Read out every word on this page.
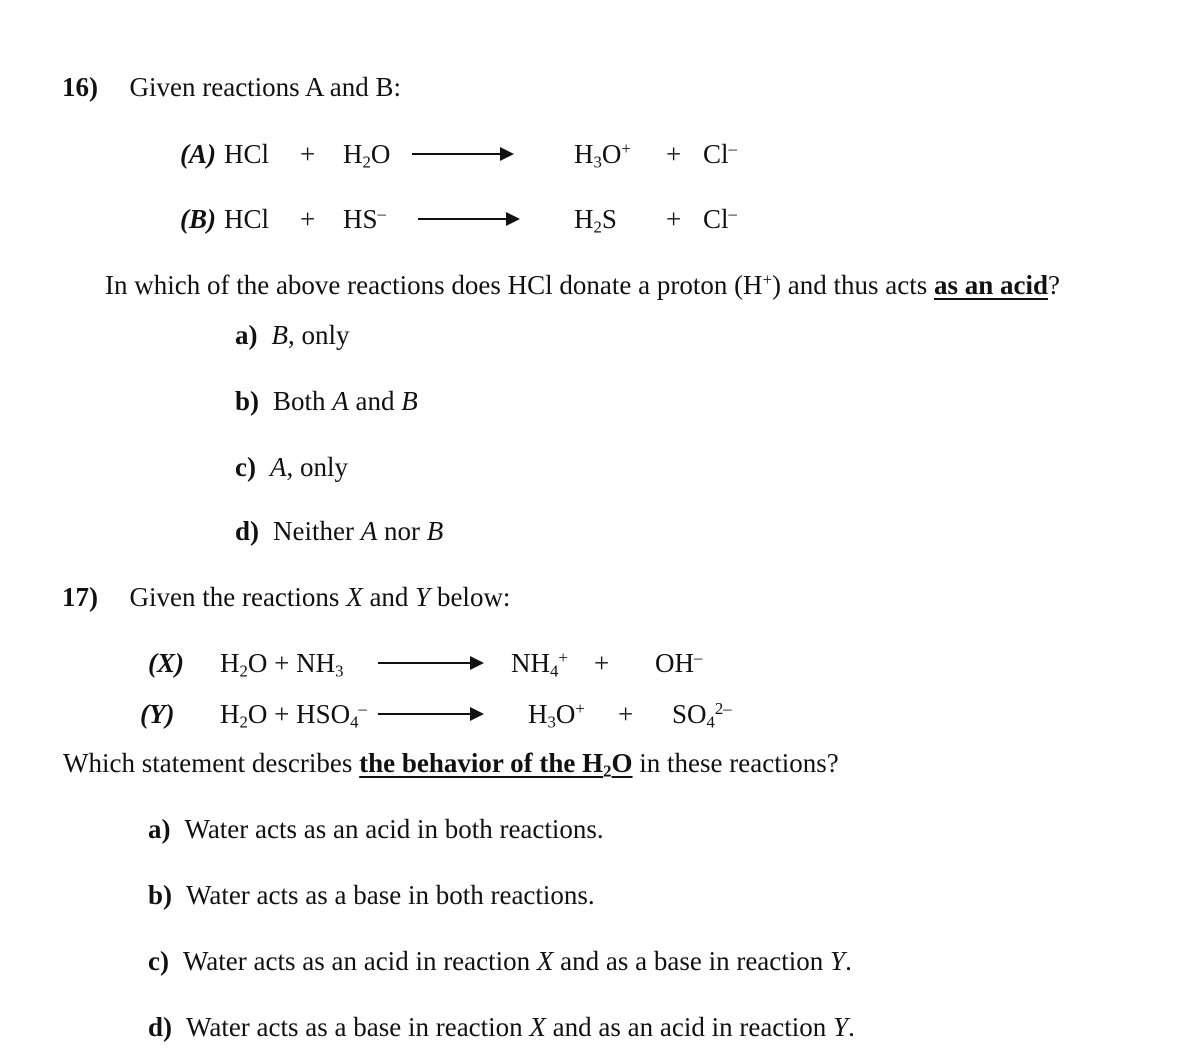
16) Given reactions A and B:
(A) HCl + $H_2O \to H_3O^+ + Cl^-$
(B) HCl + $HS^- \to H_2S + Cl^-$
In which of the above reactions does HCl donate a proton (H+) and thus acts as an acid?
a) B, only
b) Both A and B
c) A, only
d) Neither A nor B
17) Given the reactions X and Y below:
(X) $H_2O + NH_3 \to NH_4^+ + OH^-$
(Y) $H_2O + HSO_4^- \to H_3O^+ + SO_4^{2-}$
Which statement describes the behavior of the $H_2O$ in these reactions?
a) Water acts as an acid in both reactions.
b) Water acts as a base in both reactions.
c) Water acts as an acid in reaction X and as a base in reaction Y.
d) Water acts as a base in reaction X and as an acid in reaction Y.
